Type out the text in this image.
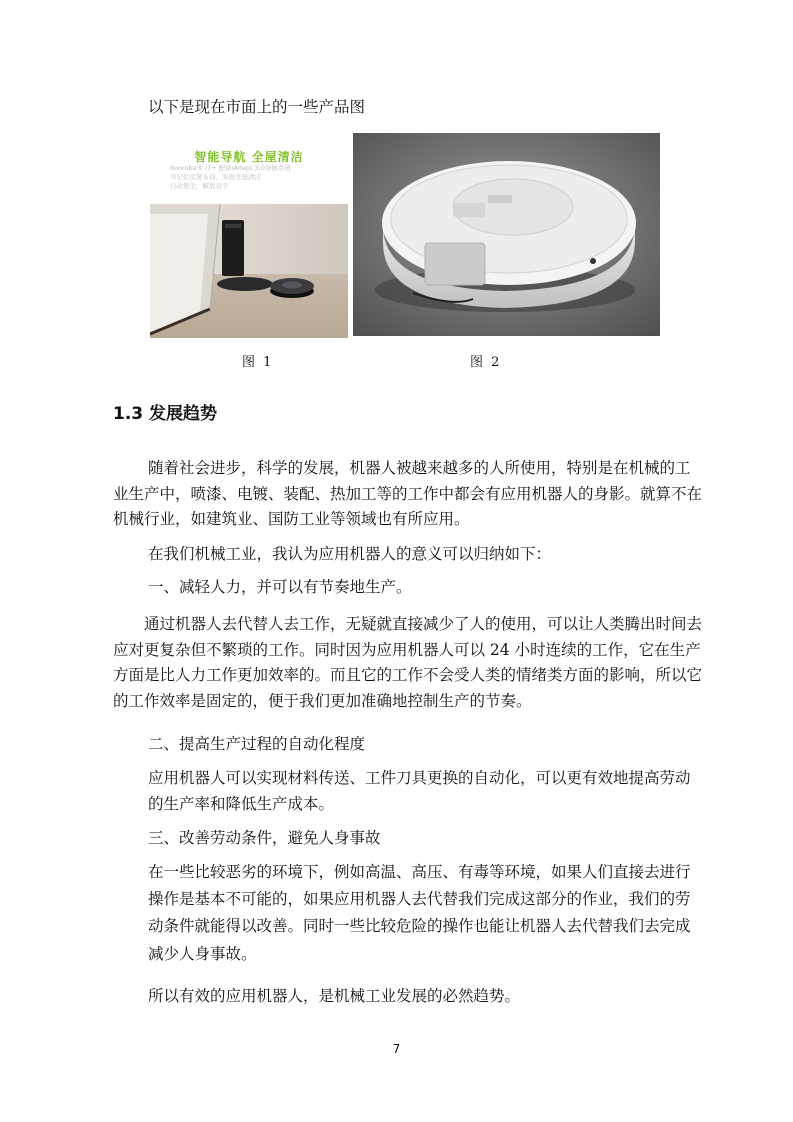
以下是现在市面上的一些产品图
智能导航 全屋清洁
Roomba® i7+ 配备iAdapt 3.0导航系统
可记忆房屋布局，实现全屋清洁
自动集尘，解放双手
图 1	图 2
1.3 发展趋势
随着社会进步，科学的发展，机器人被越来越多的人所使用，特别是在机械的工
业生产中，喷漆、电镀、装配、热加工等的工作中都会有应用机器人的身影。就算不在
机械行业，如建筑业、国防工业等领域也有所应用。
在我们机械工业，我认为应用机器人的意义可以归纳如下：
一、减轻人力，并可以有节奏地生产。
通过机器人去代替人去工作，无疑就直接减少了人的使用，可以让人类腾出时间去
应对更复杂但不繁琐的工作。同时因为应用机器人可以 24 小时连续的工作，它在生产
方面是比人力工作更加效率的。而且它的工作不会受人类的情绪类方面的影响，所以它
的工作效率是固定的，便于我们更加准确地控制生产的节奏。
二、提高生产过程的自动化程度
应用机器人可以实现材料传送、工件刀具更换的自动化，可以更有效地提高劳动
的生产率和降低生产成本。
三、改善劳动条件，避免人身事故
在一些比较恶劣的环境下，例如高温、高压、有毒等环境，如果人们直接去进行
操作是基本不可能的，如果应用机器人去代替我们完成这部分的作业，我们的劳
动条件就能得以改善。同时一些比较危险的操作也能让机器人去代替我们去完成
减少人身事故。
所以有效的应用机器人，是机械工业发展的必然趋势。
7
